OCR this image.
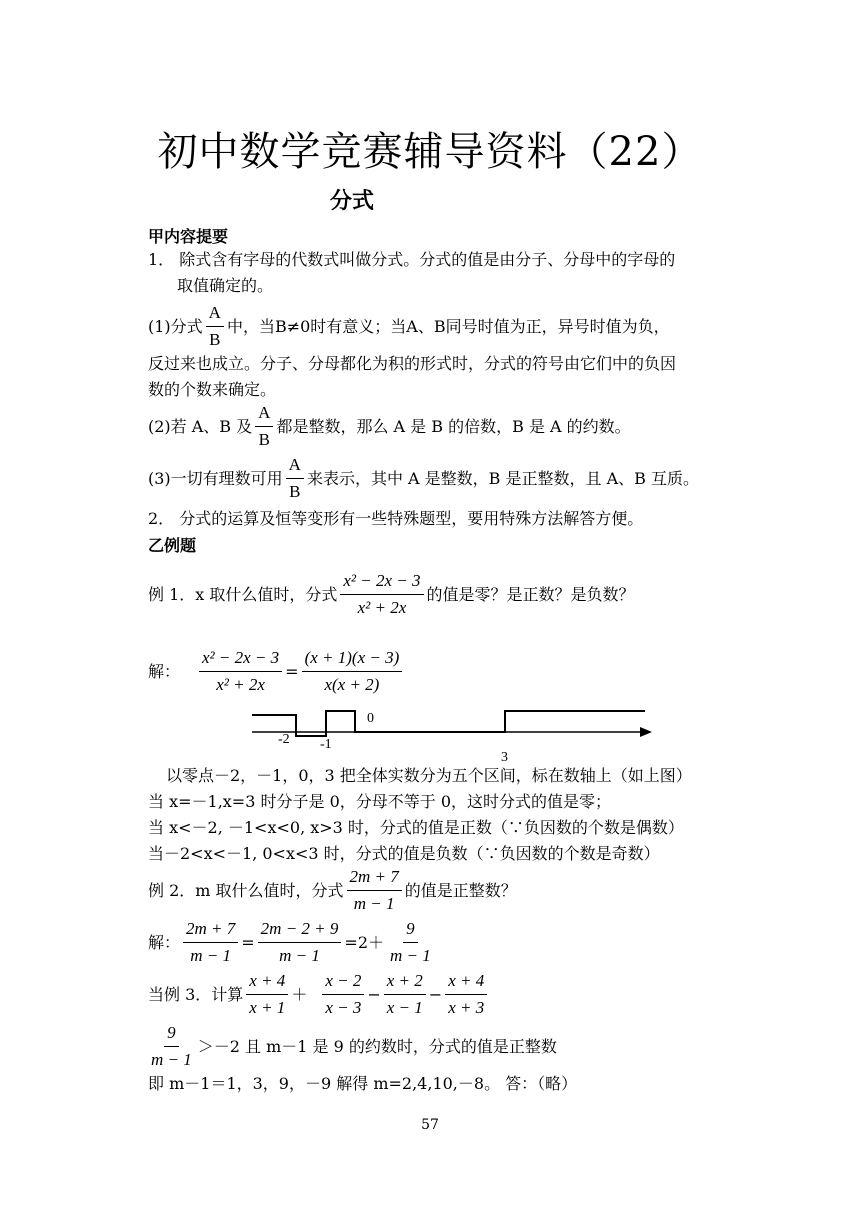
初中数学竞赛辅导资料（22）
分式
甲内容提要
1． 除式含有字母的代数式叫做分式。分式的值是由分子、分母中的字母的
取值确定的。
(1)分式 $\frac{A}{B}$ 中，当B≠0时有意义；当A、B同号时值为正，异号时值为负，
反过来也成立。分子、分母都化为积的形式时，分式的符号由它们中的负因
数的个数来确定。
(2)若 A、B 及 $\frac{A}{B}$ 都是整数，那么 A 是 B 的倍数，B 是 A 的约数。
(3)一切有理数可用 $\frac{A}{B}$ 来表示，其中 A 是整数，B 是正整数，且 A、B 互质。
2． 分式的运算及恒等变形有一些特殊题型，要用特殊方法解答方便。
乙例题
例 1．x 取什么值时，分式 $\frac{\text{x² − 2x − 3}}{\text{x² + 2x}}$ 的值是零？是正数？是负数？
解： $\frac{\text{x² − 2x − 3}}{\text{x² + 2x}} = \frac{(x + 1)(x - 3)}{x(x + 2)}$
-2 -1
0
3
以零点－2，－1，0，3 把全体实数分为五个区间，标在数轴上（如上图）
当 x=－1,x=3 时分子是 0，分母不等于 0，这时分式的值是零；
当 x<－2, －1<x<0, x>3 时，分式的值是正数（∵负因数的个数是偶数）
当－2<x<－1, 0<x<3 时，分式的值是负数（∵负因数的个数是奇数）
例 2．m 取什么值时，分式 $\frac{2m + 7}{m - 1}$ 的值是正整数？
解： $\frac{2m + 7}{m - 1} = \frac{2m - 2 + 9}{m - 1} =2+ \frac{9}{m - 1}$
当例 3．计算 $\frac{x + 4}{x + 1} + \frac{x - 2}{x - 3} - \frac{x + 2}{x - 1} - \frac{x + 4}{x + 3}$
$\frac{9}{m - 1} >-2$ 且 m－1 是 9 的约数时，分式的值是正整数
即 m－1＝1，3，9，－9 解得 m=2,4,10,－8。 答：（略）
57
